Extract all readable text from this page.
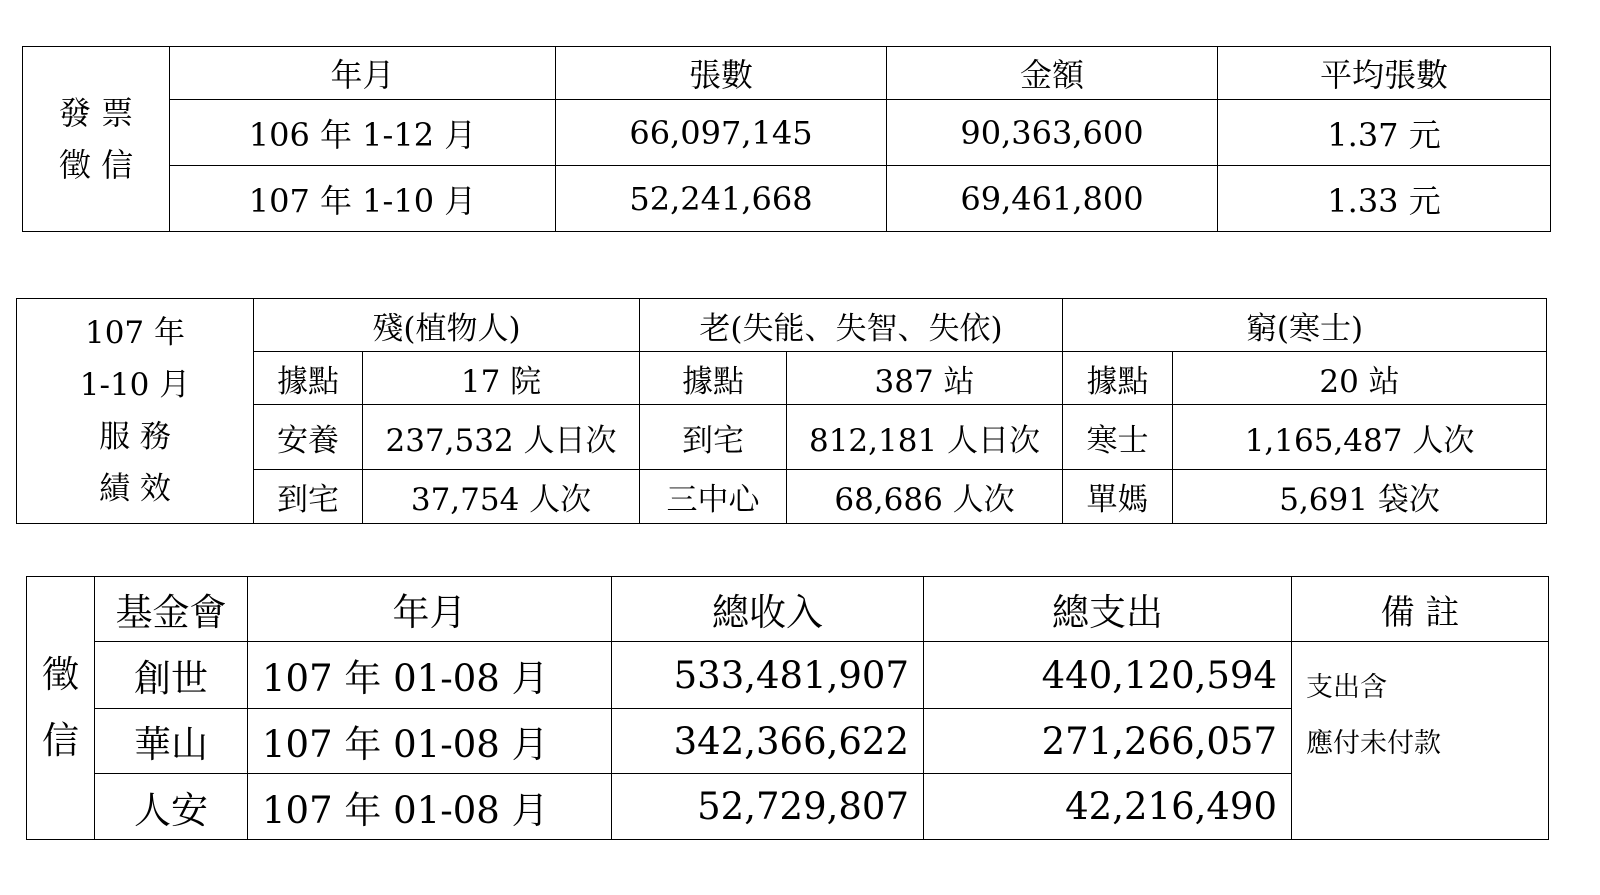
發 票
徵 信	年月	張數	金額	平均張數
	106 年 1-12 月	66,097,145	90,363,600	1.37 元
	107 年 1-10 月	52,241,668	69,461,800	1.33 元
107 年
1-10 月
服 務
績 效	殘(植物人)		老(失能、失智、失依)		窮(寒士)	
	據點	17 院	據點	387 站	據點	20 站
	安養	237,532 人日次	到宅	812,181 人日次	寒士	1,165,487 人次
	到宅	37,754 人次	三中心	68,686 人次	單媽	5,691 袋次
徵
信	基金會	年月	總收入	總支出	備 註
	創世	107 年 01-08 月	533,481,907	440,120,594	支出含
應付未付款

	華山	107 年 01-08 月	342,366,622	271,266,057	
	人安	107 年 01-08 月	52,729,807	42,216,490	
